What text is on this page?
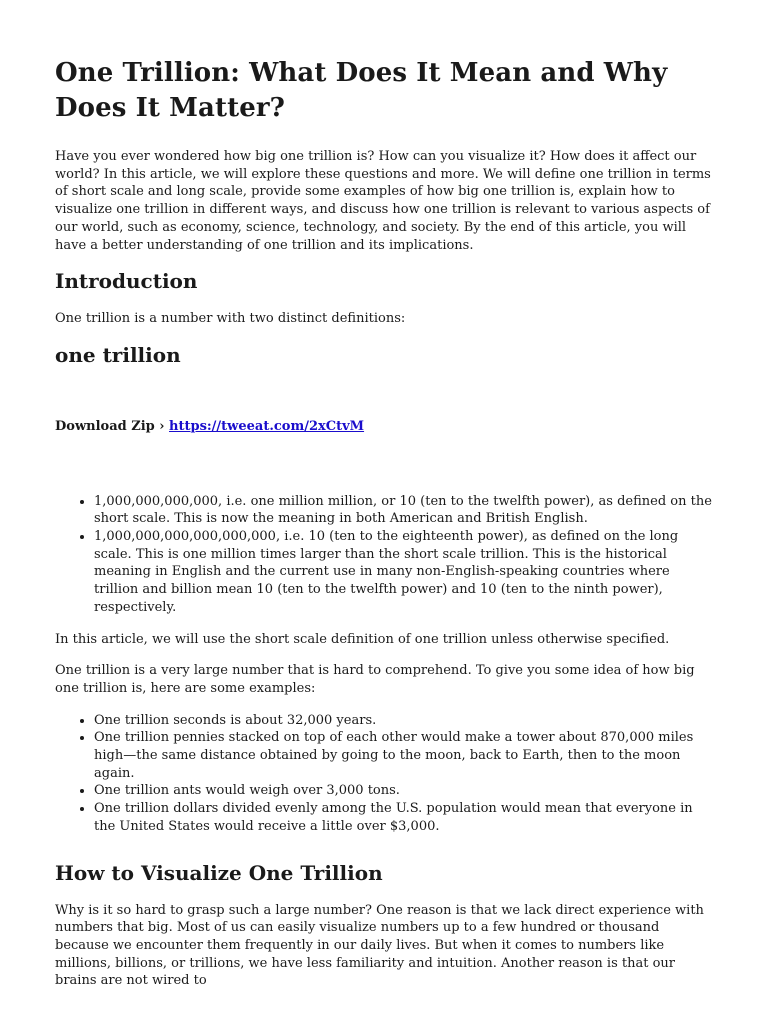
One Trillion: What Does It Mean and Why Does It Matter?

Have you ever wondered how big one trillion is? How can you visualize it? How does it affect our world? In this article, we will explore these questions and more. We will define one trillion in terms of short scale and long scale, provide some examples of how big one trillion is, explain how to visualize one trillion in different ways, and discuss how one trillion is relevant to various aspects of our world, such as economy, science, technology, and society. By the end of this article, you will have a better understanding of one trillion and its implications.

Introduction

One trillion is a number with two distinct definitions:

one trillion

Download Zip › https://tweeat.com/2xCtvM

• 1,000,000,000,000, i.e. one million million, or 10 (ten to the twelfth power), as defined on the short scale. This is now the meaning in both American and British English.
• 1,000,000,000,000,000,000, i.e. 10 (ten to the eighteenth power), as defined on the long scale. This is one million times larger than the short scale trillion. This is the historical meaning in English and the current use in many non-English-speaking countries where trillion and billion mean 10 (ten to the twelfth power) and 10 (ten to the ninth power), respectively.

In this article, we will use the short scale definition of one trillion unless otherwise specified.

One trillion is a very large number that is hard to comprehend. To give you some idea of how big one trillion is, here are some examples:

• One trillion seconds is about 32,000 years.
• One trillion pennies stacked on top of each other would make a tower about 870,000 miles high—the same distance obtained by going to the moon, back to Earth, then to the moon again.
• One trillion ants would weigh over 3,000 tons.
• One trillion dollars divided evenly among the U.S. population would mean that everyone in the United States would receive a little over $3,000.
How to Visualize One Trillion

Why is it so hard to grasp such a large number? One reason is that we lack direct experience with numbers that big. Most of us can easily visualize numbers up to a few hundred or thousand because we encounter them frequently in our daily lives. But when it comes to numbers like millions, billions, or trillions, we have less familiarity and intuition. Another reason is that our brains are not wired to
